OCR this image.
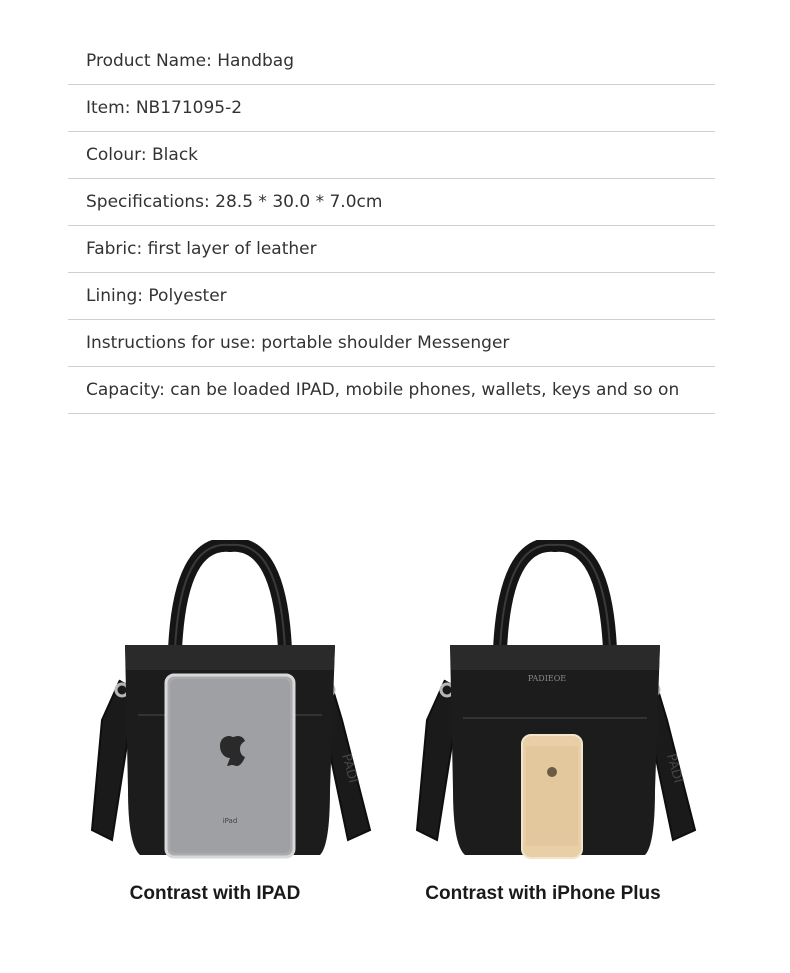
Product Name : Handbag
Item : NB171095-2
Colour : Black
Specifications : 28.5 * 30.0 * 7.0cm
Fabric : first layer of leather
Lining : Polyester
Instructions for use : portable shoulder Messenger
Capacity : can be loaded IPAD, mobile phones, wallets, keys and so on
PADI
iPad
Contrast with IPAD
PADI
PADIEOE
Contrast with iPhone Plus
